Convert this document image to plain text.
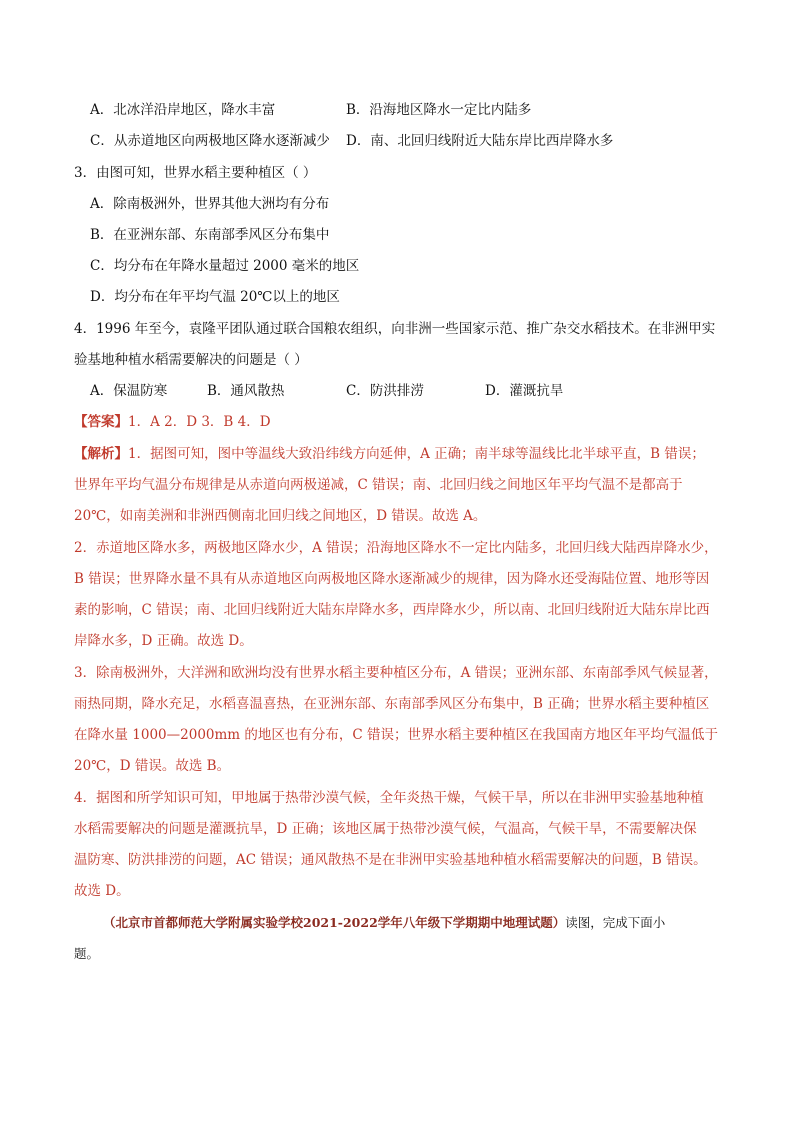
A．北冰洋沿岸地区，降水丰富	B．沿海地区降水一定比内陆多
C．从赤道地区向两极地区降水逐渐减少 D．南、北回归线附近大陆东岸比西岸降水多
3．由图可知，世界水稻主要种植区（ ）
A．除南极洲外，世界其他大洲均有分布
B．在亚洲东部、东南部季风区分布集中
C．均分布在年降水量超过 2000 毫米的地区
D．均分布在年平均气温 20℃以上的地区
4．1996 年至今，袁隆平团队通过联合国粮农组织，向非洲一些国家示范、推广杂交水稻技术。在非洲甲实
验基地种植水稻需要解决的问题是（ ）
A．保温防寒	B．通风散热	C．防洪排涝	D．灌溉抗旱
【答案】1．A 2．D 3．B 4．D
【解析】1．据图可知，图中等温线大致沿纬线方向延伸，A 正确；南半球等温线比北半球平直，B 错误；
世界年平均气温分布规律是从赤道向两极递减，C 错误；南、北回归线之间地区年平均气温不是都高于
20℃，如南美洲和非洲西侧南北回归线之间地区，D 错误。故选 A。
2．赤道地区降水多，两极地区降水少，A 错误；沿海地区降水不一定比内陆多，北回归线大陆西岸降水少，
B 错误；世界降水量不具有从赤道地区向两极地区降水逐渐减少的规律，因为降水还受海陆位置、地形等因
素的影响，C 错误；南、北回归线附近大陆东岸降水多，西岸降水少，所以南、北回归线附近大陆东岸比西
岸降水多，D 正确。故选 D。
3．除南极洲外，大洋洲和欧洲均没有世界水稻主要种植区分布，A 错误；亚洲东部、东南部季风气候显著，
雨热同期，降水充足，水稻喜温喜热，在亚洲东部、东南部季风区分布集中，B 正确；世界水稻主要种植区
在降水量 1000—2000mm 的地区也有分布，C 错误；世界水稻主要种植区在我国南方地区年平均气温低于
20℃，D 错误。故选 B。
4．据图和所学知识可知，甲地属于热带沙漠气候，全年炎热干燥，气候干旱，所以在非洲甲实验基地种植
水稻需要解决的问题是灌溉抗旱，D 正确；该地区属于热带沙漠气候，气温高，气候干旱，不需要解决保
温防寒、防洪排涝的问题，AC 错误；通风散热不是在非洲甲实验基地种植水稻需要解决的问题，B 错误。
故选 D。
（北京市首都师范大学附属实验学校2021-2022学年八年级下学期期中地理试题）读图，完成下面小
题。
